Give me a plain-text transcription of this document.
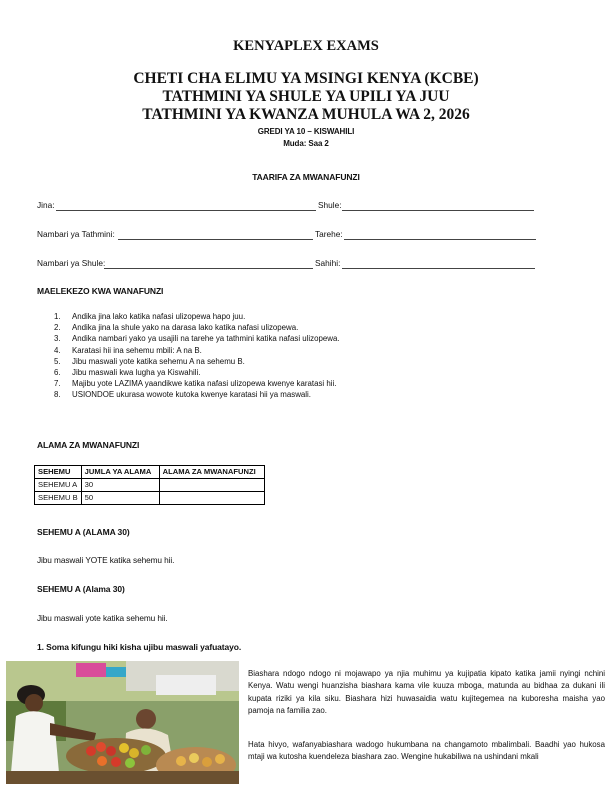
KENYAPLEX EXAMS
CHETI CHA ELIMU YA MSINGI KENYA (KCBE)
TATHMINI YA SHULE YA UPILI YA JUU
TATHMINI YA KWANZA MUHULA WA 2, 2026
GREDI YA 10 – KISWAHILI
Muda: Saa 2
TAARIFA ZA MWANAFUNZI
Jina:	Shule:
Nambari ya Tathmini:	Tarehe:
Nambari ya Shule:	Sahihi:
MAELEKEZO KWA WANAFUNZI
1.	Andika jina lako katika nafasi ulizopewa hapo juu.
2.	Andika jina la shule yako na darasa lako katika nafasi ulizopewa.
3.	Andika nambari yako ya usajili na tarehe ya tathmini katika nafasi ulizopewa.
4.	Karatasi hii ina sehemu mbili: A na B.
5.	Jibu maswali yote katika sehemu A na sehemu B.
6.	Jibu maswali kwa lugha ya Kiswahili.
7.	Majibu yote LAZIMA yaandikwe katika nafasi ulizopewa kwenye karatasi hii.
8.	USIONDOE ukurasa wowote kutoka kwenye karatasi hii ya maswali.
ALAMA ZA MWANAFUNZI
SEHEMU	JUMLA YA ALAMA	ALAMA ZA MWANAFUNZI
SEHEMU A	30	
SEHEMU B	50	
SEHEMU A (ALAMA 30)
Jibu maswali YOTE katika sehemu hii.
SEHEMU A (Alama 30)
Jibu maswali yote katika sehemu hii.
1. Soma kifungu hiki kisha ujibu maswali yafuatayo.
Biashara ndogo ndogo ni mojawapo ya njia muhimu ya kujipatia kipato katika jamii nyingi nchini Kenya. Watu wengi huanzisha biashara kama vile kuuza mboga, matunda au bidhaa za dukani ili kupata riziki ya kila siku. Biashara hizi huwasaidia watu kujitegemea na kuboresha maisha yao pamoja na familia zao.
Hata hivyo, wafanyabiashara wadogo hukumbana na changamoto mbalimbali. Baadhi yao hukosa mtaji wa kutosha kuendeleza biashara zao. Wengine hukabiliwa na ushindani mkali
